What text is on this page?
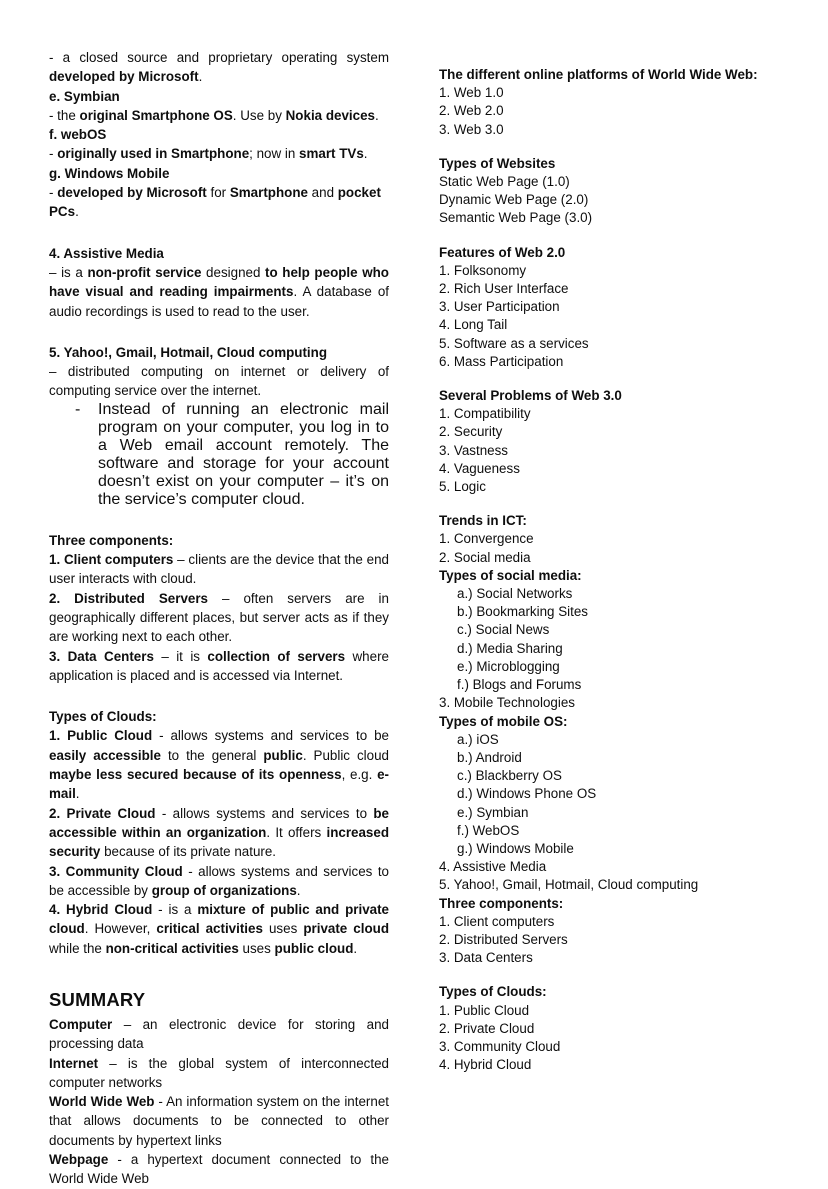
- a closed source and proprietary operating system developed by Microsoft.

e. Symbian

- the original Smartphone OS. Use by Nokia devices.

f. webOS

- originally used in Smartphone; now in smart TVs.

g. Windows Mobile

- developed by Microsoft for Smartphone and pocket PCs.

4. Assistive Media

– is a non-profit service designed to help people who have visual and reading impairments. A database of audio recordings is used to read to the user.

5. Yahoo!, Gmail, Hotmail, Cloud computing

– distributed computing on internet or delivery of computing service over the internet.

-	Instead of running an electronic mail program on your computer, you log in to a Web email account remotely. The software and storage for your account doesn’t exist on your computer – it’s on the service’s computer cloud.

Three components:

1. Client computers – clients are the device that the end user interacts with cloud.

2. Distributed Servers – often servers are in geographically different places, but server acts as if they are working next to each other.

3. Data Centers – it is collection of servers where application is placed and is accessed via Internet.

Types of Clouds:

1. Public Cloud - allows systems and services to be easily accessible to the general public. Public cloud maybe less secured because of its openness, e.g. e-mail.

2. Private Cloud - allows systems and services to be accessible within an organization. It offers increased security because of its private nature.

3. Community Cloud - allows systems and services to be accessible by group of organizations.

4. Hybrid Cloud - is a mixture of public and private cloud. However, critical activities uses private cloud while the non-critical activities uses public cloud.

SUMMARY

Computer – an electronic device for storing and processing data

Internet – is the global system of interconnected computer networks

World Wide Web - An information system on the internet that allows documents to be connected to other documents by hypertext links

Webpage - a hypertext document connected to the World Wide Web

The different online platforms of World Wide Web:

1. Web 1.0

2. Web 2.0

3. Web 3.0

Types of Websites

Static Web Page (1.0)

Dynamic Web Page (2.0)

Semantic Web Page (3.0)

Features of Web 2.0

1. Folksonomy

2. Rich User Interface

3. User Participation

4. Long Tail

5. Software as a services

6. Mass Participation

Several Problems of Web 3.0

1. Compatibility

2. Security

3. Vastness

4. Vagueness

5. Logic

Trends in ICT:

1. Convergence

2. Social media

Types of social media:

a.) Social Networks

b.) Bookmarking Sites

c.) Social News

d.) Media Sharing

e.) Microblogging

f.) Blogs and Forums

3. Mobile Technologies

Types of mobile OS:

a.) iOS

b.) Android

c.) Blackberry OS

d.) Windows Phone OS

e.) Symbian

f.) WebOS

g.) Windows Mobile

4. Assistive Media

5. Yahoo!, Gmail, Hotmail, Cloud computing

Three components:

1. Client computers

2. Distributed Servers

3. Data Centers

Types of Clouds:

1. Public Cloud

2. Private Cloud

3. Community Cloud

4. Hybrid Cloud
